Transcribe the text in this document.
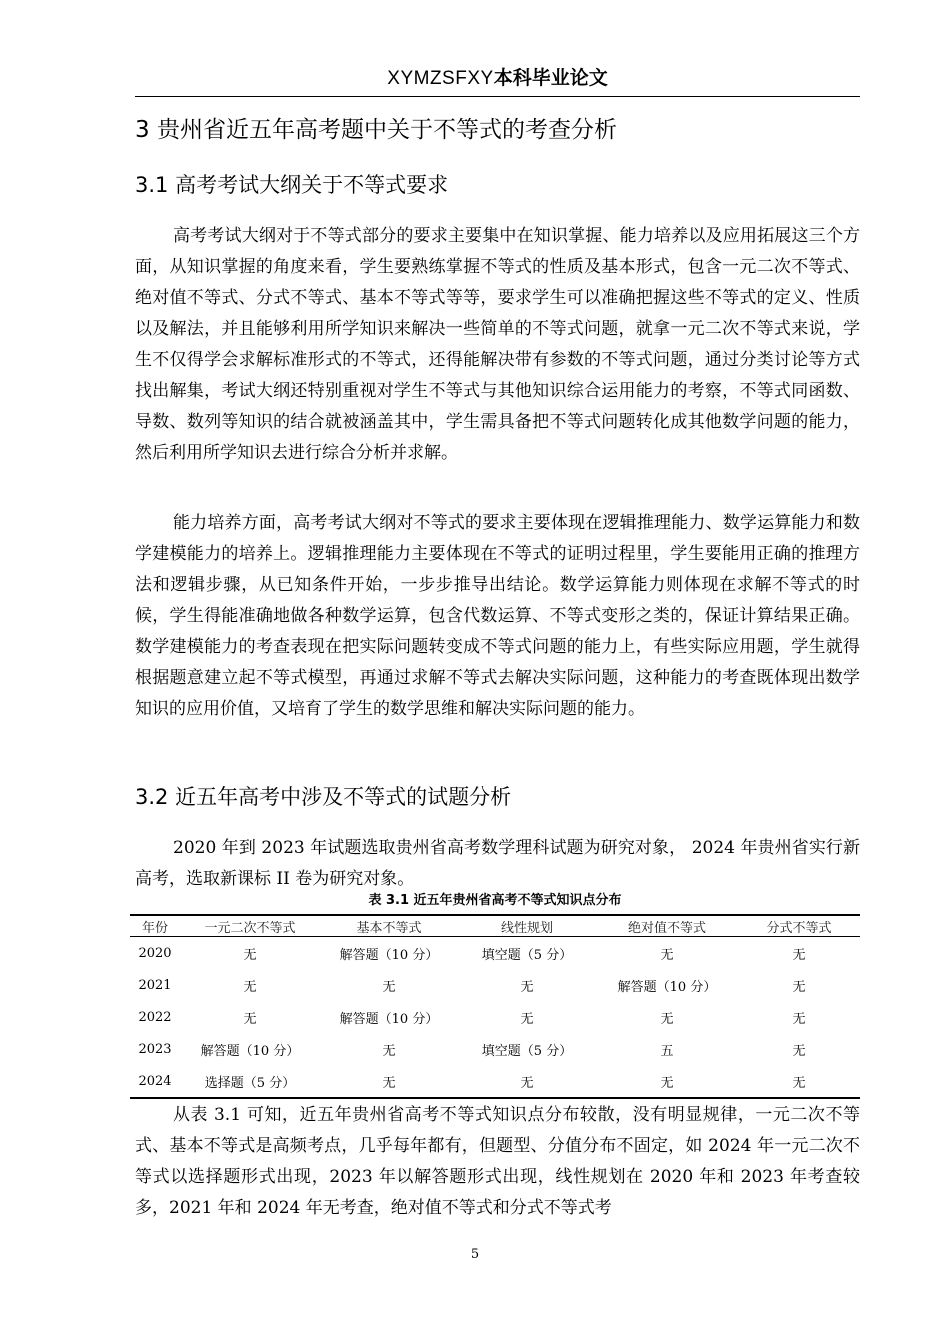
XYMZSFXY本科毕业论文
3 贵州省近五年高考题中关于不等式的考查分析
3.1 高考考试大纲关于不等式要求

高考考试大纲对于不等式部分的要求主要集中在知识掌握、能力培养以及应用拓展这三个方面，从知识掌握的角度来看，学生要熟练掌握不等式的性质及基本形式，包含一元二次不等式、绝对值不等式、分式不等式、基本不等式等等，要求学生可以准确把握这些不等式的定义、性质以及解法，并且能够利用所学知识来解决一些简单的不等式问题，就拿一元二次不等式来说，学生不仅得学会求解标准形式的不等式，还得能解决带有参数的不等式问题，通过分类讨论等方式找出解集，考试大纲还特别重视对学生不等式与其他知识综合运用能力的考察，不等式同函数、导数、数列等知识的结合就被涵盖其中，学生需具备把不等式问题转化成其他数学问题的能力，然后利用所学知识去进行综合分析并求解。

能力培养方面，高考考试大纲对不等式的要求主要体现在逻辑推理能力、数学运算能力和数学建模能力的培养上。逻辑推理能力主要体现在不等式的证明过程里，学生要能用正确的推理方法和逻辑步骤，从已知条件开始，一步步推导出结论。数学运算能力则体现在求解不等式的时候，学生得能准确地做各种数学运算，包含代数运算、不等式变形之类的，保证计算结果正确。数学建模能力的考查表现在把实际问题转变成不等式问题的能力上，有些实际应用题，学生就得根据题意建立起不等式模型，再通过求解不等式去解决实际问题，这种能力的考查既体现出数学知识的应用价值，又培育了学生的数学思维和解决实际问题的能力。

3.2 近五年高考中涉及不等式的试题分析

2020 年到 2023 年试题选取贵州省高考数学理科试题为研究对象， 2024 年贵州省实行新高考，选取新课标 II 卷为研究对象。

表 3.1 近五年贵州省高考不等式知识点分布
年份	一元二次不等式	基本不等式	线性规划	绝对值不等式	分式不等式
2020	无	解答题（10 分）	填空题（5 分）	无	无
2021	无	无	无	解答题（10 分）	无
2022	无	解答题（10 分）	无	无	无
2023	解答题（10 分）	无	填空题（5 分）	五	无
2024	选择题（5 分）	无	无	无	无

从表 3.1 可知，近五年贵州省高考不等式知识点分布较散，没有明显规律，一元二次不等式、基本不等式是高频考点，几乎每年都有，但题型、分值分布不固定，如 2024 年一元二次不等式以选择题形式出现，2023 年以解答题形式出现，线性规划在 2020 年和 2023 年考查较多，2021 年和 2024 年无考查，绝对值不等式和分式不等式考

5
